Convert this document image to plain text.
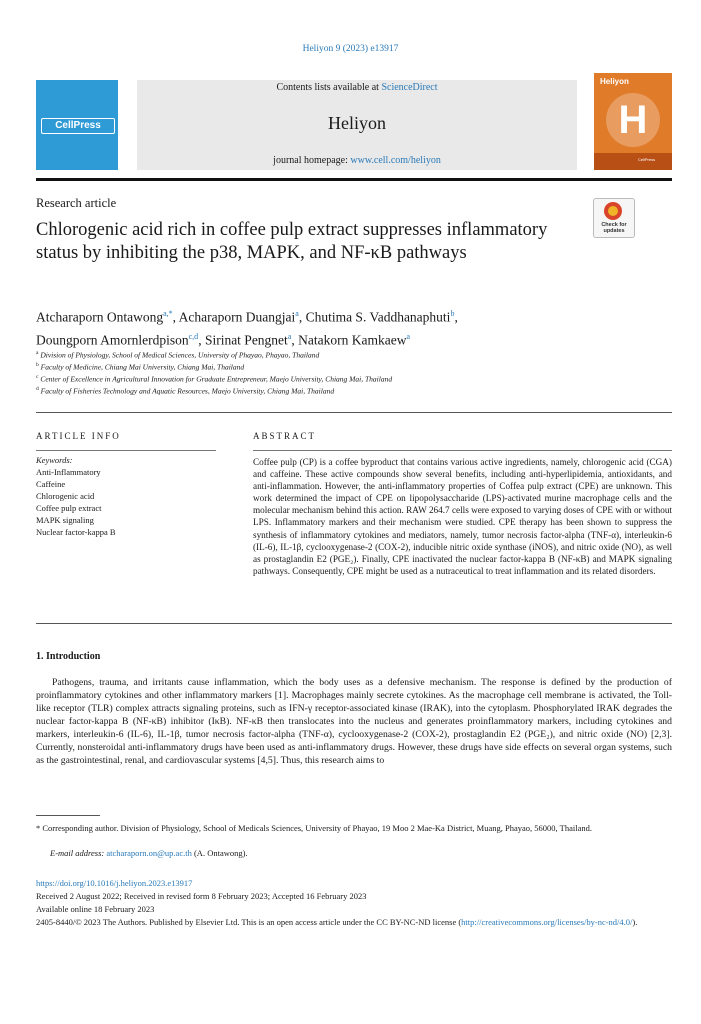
Heliyon 9 (2023) e13917
CellPress
Contents lists available at ScienceDirect
Heliyon
journal homepage: www.cell.com/heliyon
Heliyon
H
CellPress
Research article
Chlorogenic acid rich in coffee pulp extract suppresses inflammatory status by inhibiting the p38, MAPK, and NF-κB pathways
Check for updates
Atcharaporn Ontawong$^{a,*}$, Acharaporn Duangjai$^a$, Chutima S. Vaddhanaphuti$^b$,
Doungporn Amornlerdpison$^{c,d}$, Sirinat Pengnet$^a$, Natakorn Kamkaew$^a$
$^a$ Division of Physiology, School of Medical Sciences, University of Phayao, Phayao, Thailand
$^b$ Faculty of Medicine, Chiang Mai University, Chiang Mai, Thailand
$^c$ Center of Excellence in Agricultural Innovation for Graduate Entrepreneur, Maejo University, Chiang Mai, Thailand
$^d$ Faculty of Fisheries Technology and Aquatic Resources, Maejo University, Chiang Mai, Thailand
ARTICLE INFO	ABSTRACT
Keywords:
Anti-Inflammatory
Caffeine
Chlorogenic acid
Coffee pulp extract
MAPK signaling
Nuclear factor-kappa B
Coffee pulp (CP) is a coffee byproduct that contains various active ingredients, namely, chlorogenic acid (CGA) and caffeine. These active compounds show several benefits, including anti-hyperlipidemia, antioxidants, and anti-inflammation. However, the anti-inflammatory properties of Coffea pulp extract (CPE) are unknown. This work determined the impact of CPE on lipopolysaccharide (LPS)-activated murine macrophage cells and the molecular mechanism behind this action. RAW 264.7 cells were exposed to varying doses of CPE with or without LPS. Inflammatory markers and their mechanism were studied. CPE therapy has been shown to suppress the synthesis of inflammatory cytokines and mediators, namely, tumor necrosis factor-alpha (TNF-α), interleukin-6 (IL-6), IL-1β, cyclooxygenase-2 (COX-2), inducible nitric oxide synthase (iNOS), and nitric oxide (NO), as well as prostaglandin E2 (PGE₂). Finally, CPE inactivated the nuclear factor-kappa B (NF-κB) and MAPK signaling pathways. Consequently, CPE might be used as a nutraceutical to treat inflammation and its related disorders.
1. Introduction
Pathogens, trauma, and irritants cause inflammation, which the body uses as a defensive mechanism. The response is defined by the production of proinflammatory cytokines and other inflammatory markers [1]. Macrophages mainly secrete cytokines. As the macrophage cell membrane is activated, the Toll-like receptor (TLR) complex attracts signaling proteins, such as IFN-γ receptor-associated kinase (IRAK), into the cytoplasm. Phosphorylated IRAK degrades the nuclear factor-kappa B (NF-κB) inhibitor (IκB). NF-κB then translocates into the nucleus and generates proinflammatory markers, including cytokines and markers, interleukin-6 (IL-6), IL-1β, tumor necrosis factor-alpha (TNF-α), cyclooxygenase-2 (COX-2), prostaglandin E2 (PGE₂), and nitric oxide (NO) [2,3]. Currently, nonsteroidal anti-inflammatory drugs have been used as anti-inflammatory drugs. However, these drugs have side effects on several organ systems, such as the gastrointestinal, renal, and cardiovascular systems [4,5]. Thus, this research aims to
* Corresponding author. Division of Physiology, School of Medicals Sciences, University of Phayao, 19 Moo 2 Mae-Ka District, Muang, Phayao, 56000, Thailand.
E-mail address: atcharaporn.on@up.ac.th (A. Ontawong).
https://doi.org/10.1016/j.heliyon.2023.e13917
Received 2 August 2022; Received in revised form 8 February 2023; Accepted 16 February 2023
Available online 18 February 2023
2405-8440/© 2023 The Authors. Published by Elsevier Ltd. This is an open access article under the CC BY-NC-ND license (http://creativecommons.org/licenses/by-nc-nd/4.0/).
